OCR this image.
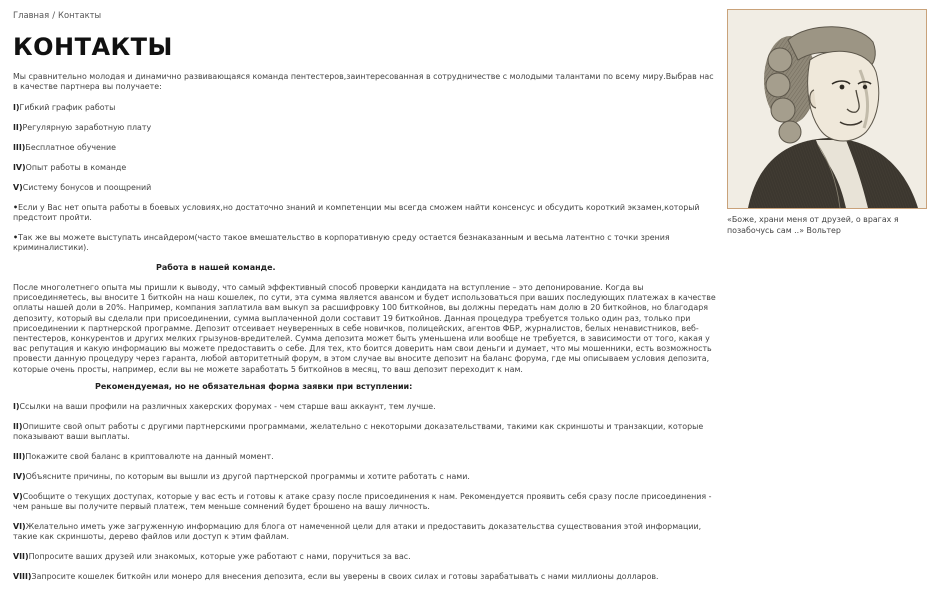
Главная / Контакты
КОНТАКТЫ

Мы сравнительно молодая и динамично развивающаяся команда пентестеров,заинтересованная в сотрудничестве с молодыми талантами по всему миру.Выбрав нас в качестве партнера вы получаете:

I)Гибкий график работы

II)Регулярную заработную плату

III)Бесплатное обучение

IV)Опыт работы в команде

V)Систему бонусов и поощрений

•Если у Вас нет опыта работы в боевых условиях,но достаточно знаний и компетенции мы всегда сможем найти консенсус и обсудить короткий экзамен,который предстоит пройти.

•Так же вы можете выступать инсайдером(часто такое вмешательство в корпоративную среду остается безнаказанным и весьма латентно с точки зрения криминалистики).

Работа в нашей команде.

После многолетнего опыта мы пришли к выводу, что самый эффективный способ проверки кандидата на вступление – это депонирование. Когда вы присоединяетесь, вы вносите 1 биткойн на наш кошелек, по сути, эта сумма является авансом и будет использоваться при ваших последующих платежах в качестве оплаты нашей доли в 20%. Например, компания заплатила вам выкуп за расшифровку 100 биткойнов, вы должны передать нам долю в 20 биткойнов, но благодаря депозиту, который вы сделали при присоединении, сумма выплаченной доли составит 19 биткойнов. Данная процедура требуется только один раз, только при присоединении к партнерской программе. Депозит отсеивает неуверенных в себе новичков, полицейских, агентов ФБР, журналистов, белых ненавистников, веб-пентестеров, конкурентов и других мелких грызунов-вредителей. Сумма депозита может быть уменьшена или вообще не требуется, в зависимости от того, какая у вас репутация и какую информацию вы можете предоставить о себе. Для тех, кто боится доверить нам свои деньги и думает, что мы мошенники, есть возможность провести данную процедуру через гаранта, любой авторитетный форум, в этом случае вы вносите депозит на баланс форума, где мы описываем условия депозита, которые очень просты, например, если вы не можете заработать 5 биткойнов в месяц, то ваш депозит переходит к нам.

Рекомендуемая, но не обязательная форма заявки при вступлении:

I)Ссылки на ваши профили на различных хакерских форумах - чем старше ваш аккаунт, тем лучше.

II)Опишите свой опыт работы с другими партнерскими программами, желательно с некоторыми доказательствами, такими как скриншоты и транзакции, которые показывают ваши выплаты.

III)Покажите свой баланс в криптовалюте на данный момент.

IV)Объясните причины, по которым вы вышли из другой партнерской программы и хотите работать с нами.

V)Сообщите о текущих доступах, которые у вас есть и готовы к атаке сразу после присоединения к нам. Рекомендуется проявить себя сразу после присоединения - чем раньше вы получите первый платеж, тем меньше сомнений будет брошено на вашу личность.

VI)Желательно иметь уже загруженную информацию для блога от намеченной цели для атаки и предоставить доказательства существования этой информации, такие как скриншоты, дерево файлов или доступ к этим файлам.

VII)Попросите ваших друзей или знакомых, которые уже работают с нами, поручиться за вас.

VIII)Запросите кошелек биткойн или монеро для внесения депозита, если вы уверены в своих силах и готовы зарабатывать с нами миллионы долларов.

«Боже, храни меня от друзей, о врагах я позабочусь сам ..» Вольтер
